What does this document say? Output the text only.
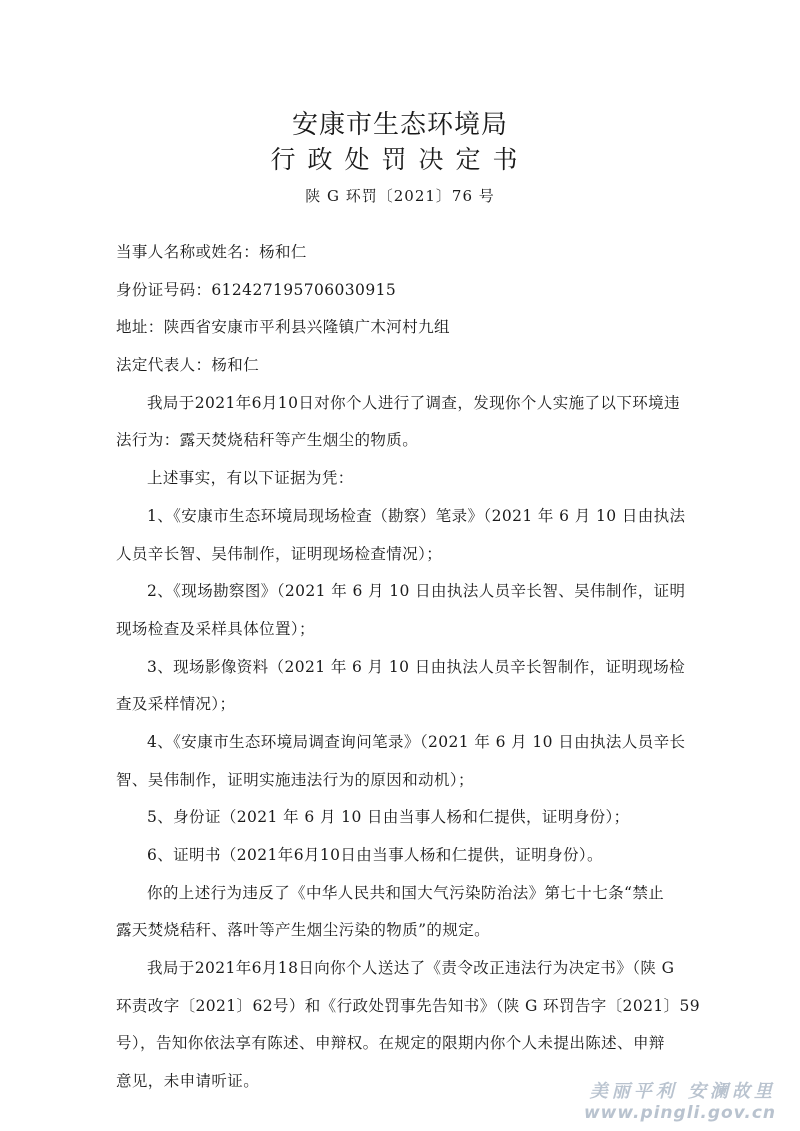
安康市生态环境局
行政处罚决定书
陕 G 环罚〔2021〕76 号
当事人名称或姓名：杨和仁
身份证号码：612427195706030915
地址：陕西省安康市平利县兴隆镇广木河村九组
法定代表人：杨和仁
我局于2021年6月10日对你个人进行了调查，发现你个人实施了以下环境违
法行为：露天焚烧秸秆等产生烟尘的物质。
上述事实，有以下证据为凭：
1、《安康市生态环境局现场检查（勘察）笔录》（2021 年 6 月 10 日由执法
人员辛长智、吴伟制作，证明现场检查情况）；
2、《现场勘察图》（2021 年 6 月 10 日由执法人员辛长智、吴伟制作，证明
现场检查及采样具体位置）；
3、现场影像资料（2021 年 6 月 10 日由执法人员辛长智制作，证明现场检
查及采样情况）；
4、《安康市生态环境局调查询问笔录》（2021 年 6 月 10 日由执法人员辛长
智、吴伟制作，证明实施违法行为的原因和动机）；
5、身份证（2021 年 6 月 10 日由当事人杨和仁提供，证明身份）；
6、证明书（2021年6月10日由当事人杨和仁提供，证明身份）。
你的上述行为违反了《中华人民共和国大气污染防治法》第七十七条“禁止
露天焚烧秸秆、落叶等产生烟尘污染的物质”的规定。
我局于2021年6月18日向你个人送达了《责令改正违法行为决定书》（陕 G
环责改字〔2021〕62号）和《行政处罚事先告知书》（陕 G 环罚告字〔2021〕59
号），告知你依法享有陈述、申辩权。在规定的限期内你个人未提出陈述、申辩
意见，未申请听证。	美丽平利 安澜故里
www.pingli.gov.cn
